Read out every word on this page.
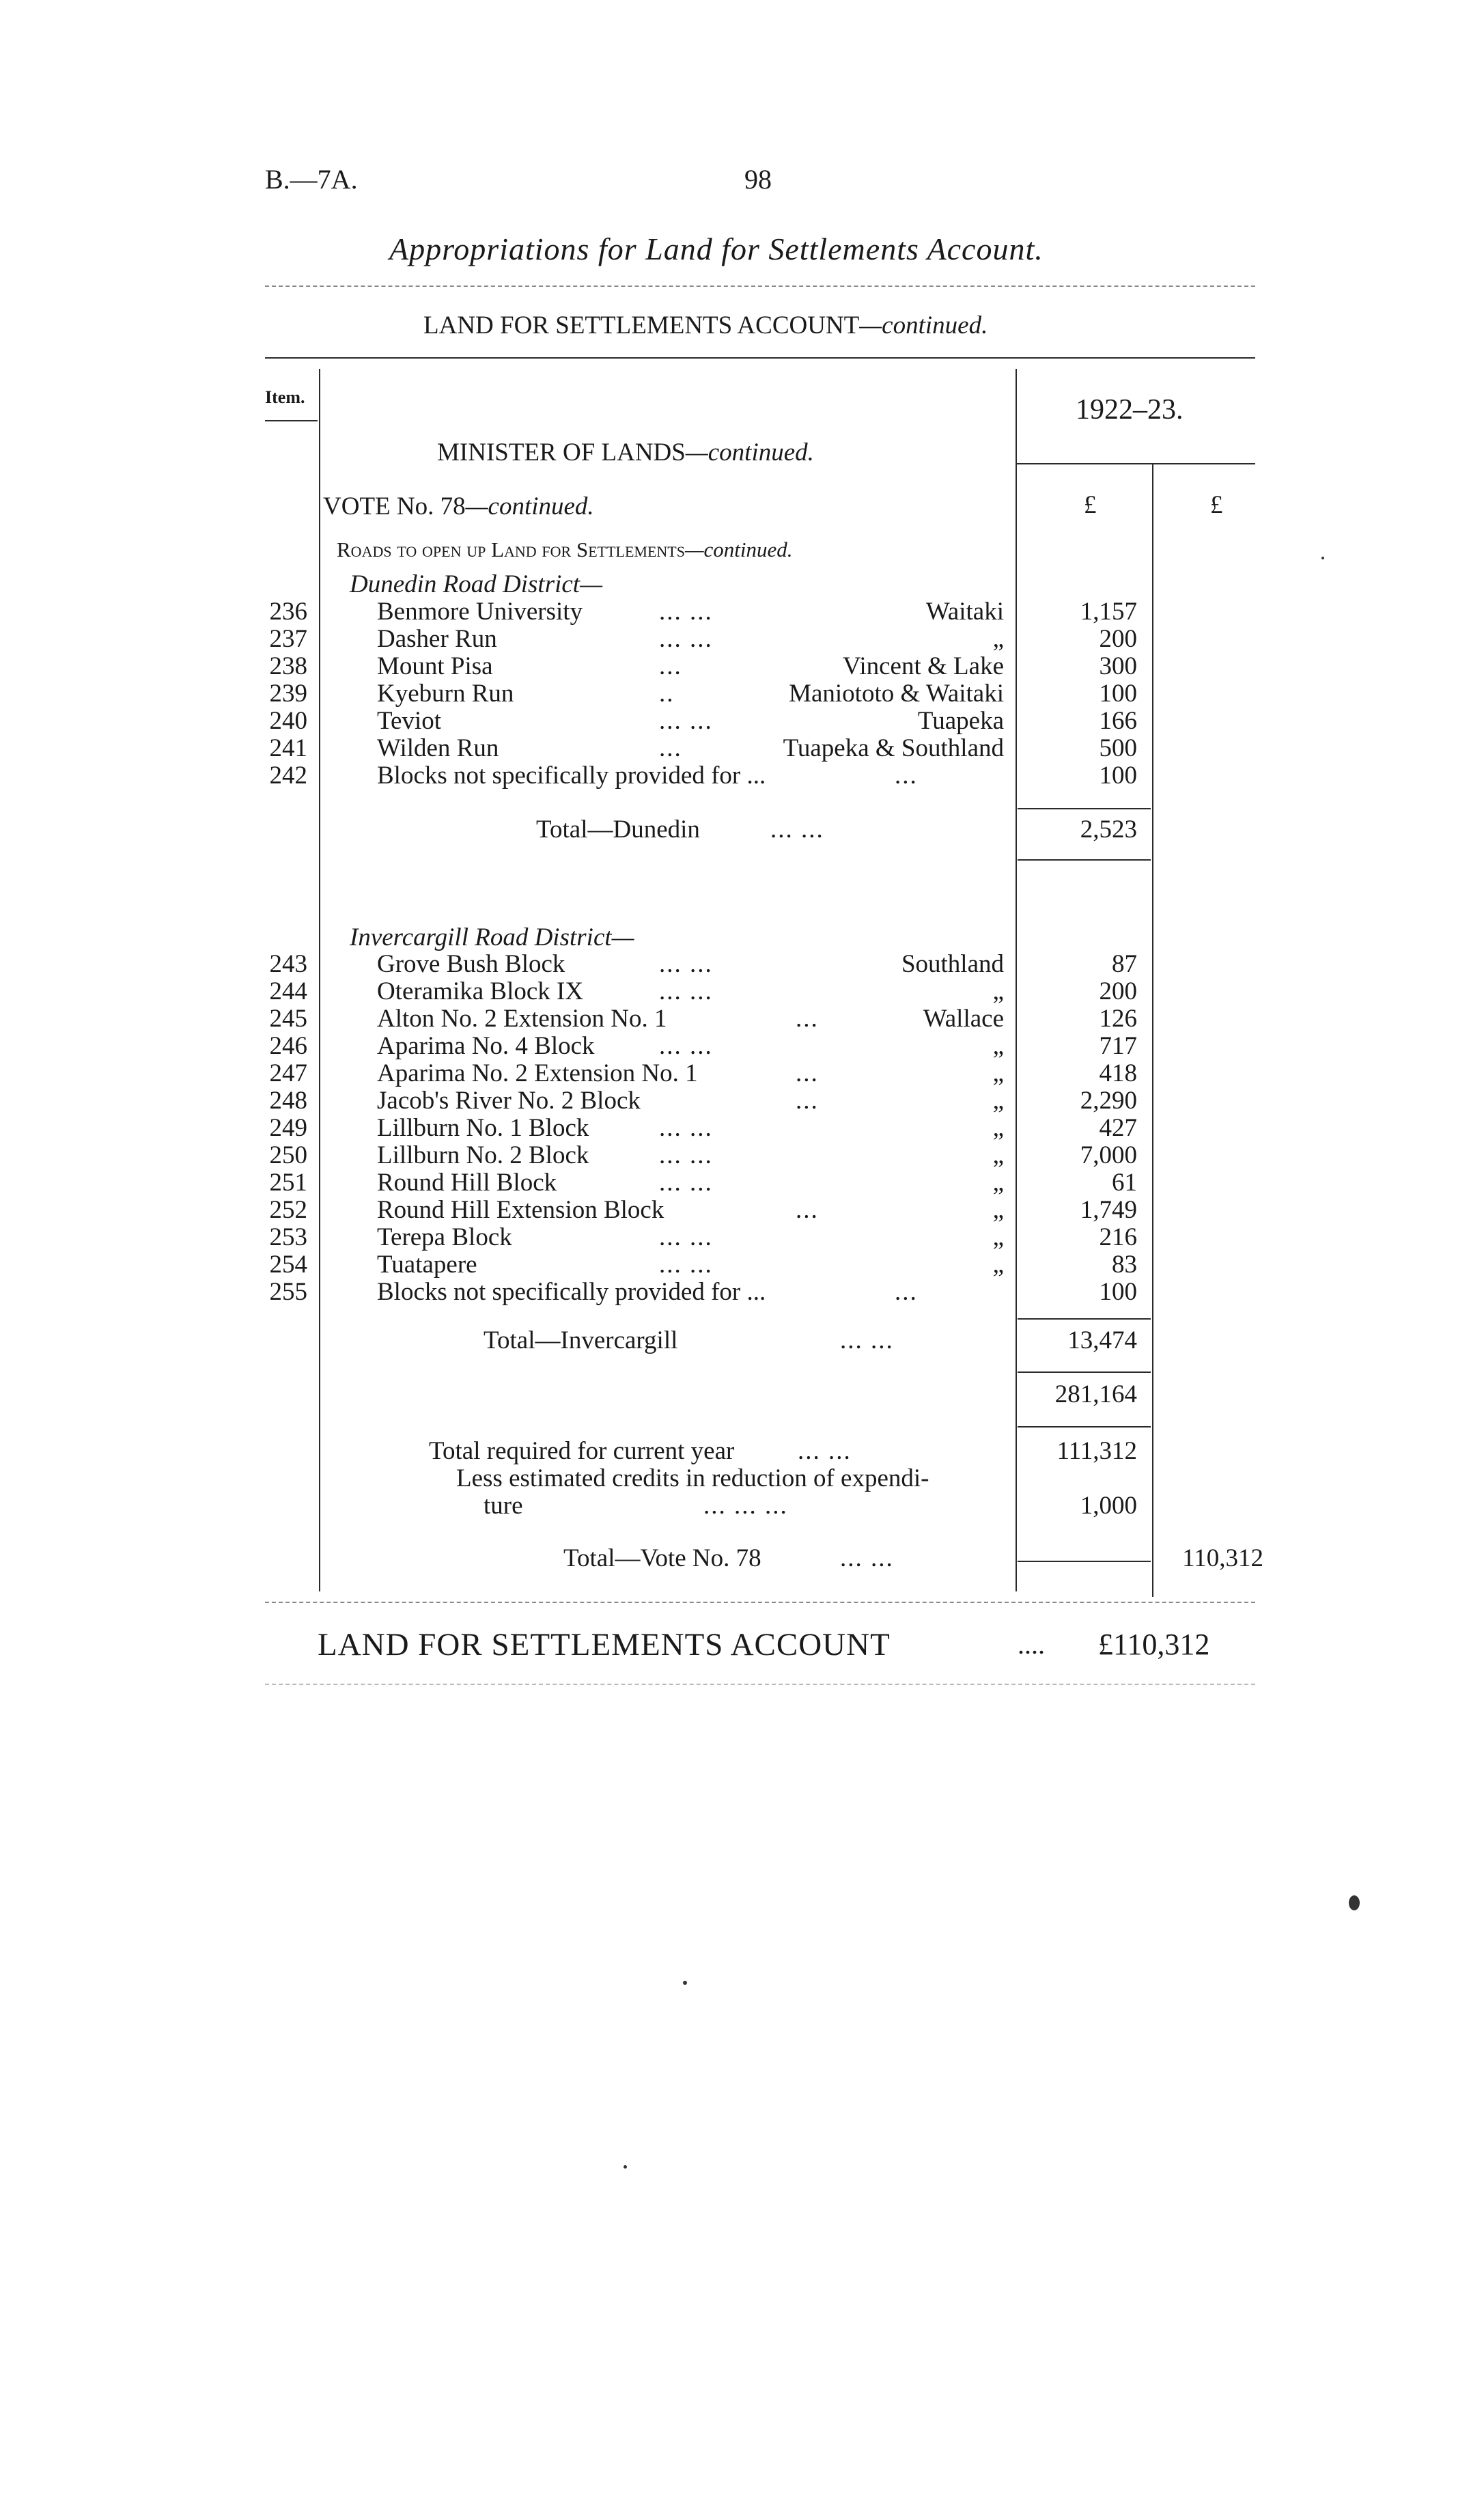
B.—7A.	98
Appropriations for Land for Settlements Account.
LAND FOR SETTLEMENTS ACCOUNT—continued.
Item.	1922–23.
£	£
MINISTER OF LANDS—continued.
VOTE No. 78—continued.
Roads to open up Land for Settlements—continued.
Dunedin Road District—
236	Benmore University	... ...	Waitaki	1,157
237	Dasher Run	... ...	„	200
238	Mount Pisa	...	Vincent & Lake	300
239	Kyeburn Run	..	Maniototo & Waitaki	100
240	Teviot	... ...	Tuapeka	166
241	Wilden Run	...	Tuapeka & Southland	500
242	Blocks not specifically provided for ...	...	100
Total—Dunedin	... ...	2,523
Invercargill Road District—
243	Grove Bush Block	... ...	Southland	87
244	Oteramika Block IX	... ...	„	200
245	Alton No. 2 Extension No. 1	...	Wallace	126
246	Aparima No. 4 Block	... ...	„	717
247	Aparima No. 2 Extension No. 1	...	„	418
248	Jacob's River No. 2 Block	...	„	2,290
249	Lillburn No. 1 Block	... ...	„	427
250	Lillburn No. 2 Block	... ...	„	7,000
251	Round Hill Block	... ...	„	61
252	Round Hill Extension Block	...	„	1,749
253	Terepa Block	... ...	„	216
254	Tuatapere	... ...	„	83
255	Blocks not specifically provided for ...	...	100
Total—Invercargill	... ...	13,474
281,164
Total required for current year	... ...	111,312
Less estimated credits in reduction of expendi-
ture	... ... ...	1,000
Total—Vote No. 78	... ...	110,312
LAND FOR SETTLEMENTS ACCOUNT	.... £110,312
